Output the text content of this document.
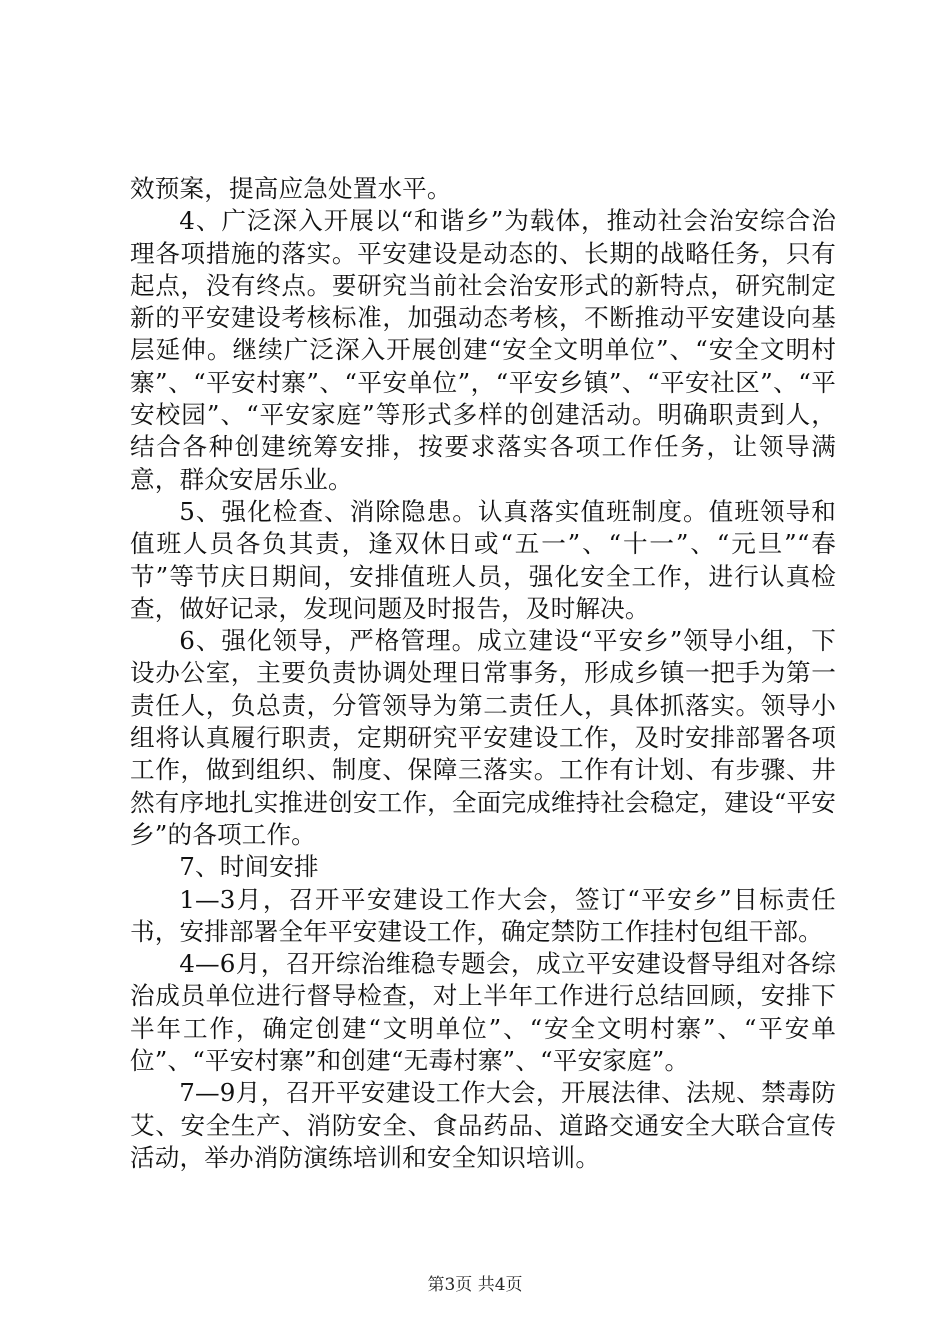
效预案，提高应急处置水平。

4、广泛深入开展以“和谐乡”为载体，推动社会治安综合治理各项措施的落实。平安建设是动态的、长期的战略任务，只有起点，没有终点。要研究当前社会治安形式的新特点，研究制定新的平安建设考核标准，加强动态考核，不断推动平安建设向基层延伸。继续广泛深入开展创建“安全文明单位”、“安全文明村寨”、“平安村寨”、“平安单位”，“平安乡镇”、“平安社区”、“平安校园”、“平安家庭”等形式多样的创建活动。明确职责到人，结合各种创建统筹安排，按要求落实各项工作任务，让领导满意，群众安居乐业。

5、强化检查、消除隐患。认真落实值班制度。值班领导和值班人员各负其责，逢双休日或“五一”、“十一”、“元旦”“春节”等节庆日期间，安排值班人员，强化安全工作，进行认真检查，做好记录，发现问题及时报告，及时解决。

6、强化领导，严格管理。成立建设“平安乡”领导小组，下设办公室，主要负责协调处理日常事务，形成乡镇一把手为第一责任人，负总责，分管领导为第二责任人，具体抓落实。领导小组将认真履行职责，定期研究平安建设工作，及时安排部署各项工作，做到组织、制度、保障三落实。工作有计划、有步骤、井然有序地扎实推进创安工作，全面完成维持社会稳定，建设“平安乡”的各项工作。

7、时间安排

1—3月，召开平安建设工作大会，签订“平安乡”目标责任书，安排部署全年平安建设工作，确定禁防工作挂村包组干部。

4—6月，召开综治维稳专题会，成立平安建设督导组对各综治成员单位进行督导检查，对上半年工作进行总结回顾，安排下半年工作，确定创建“文明单位”、“安全文明村寨”、“平安单位”、“平安村寨”和创建“无毒村寨”、“平安家庭”。

7—9月，召开平安建设工作大会，开展法律、法规、禁毒防艾、安全生产、消防安全、食品药品、道路交通安全大联合宣传活动，举办消防演练培训和安全知识培训。

第3页 共4页
